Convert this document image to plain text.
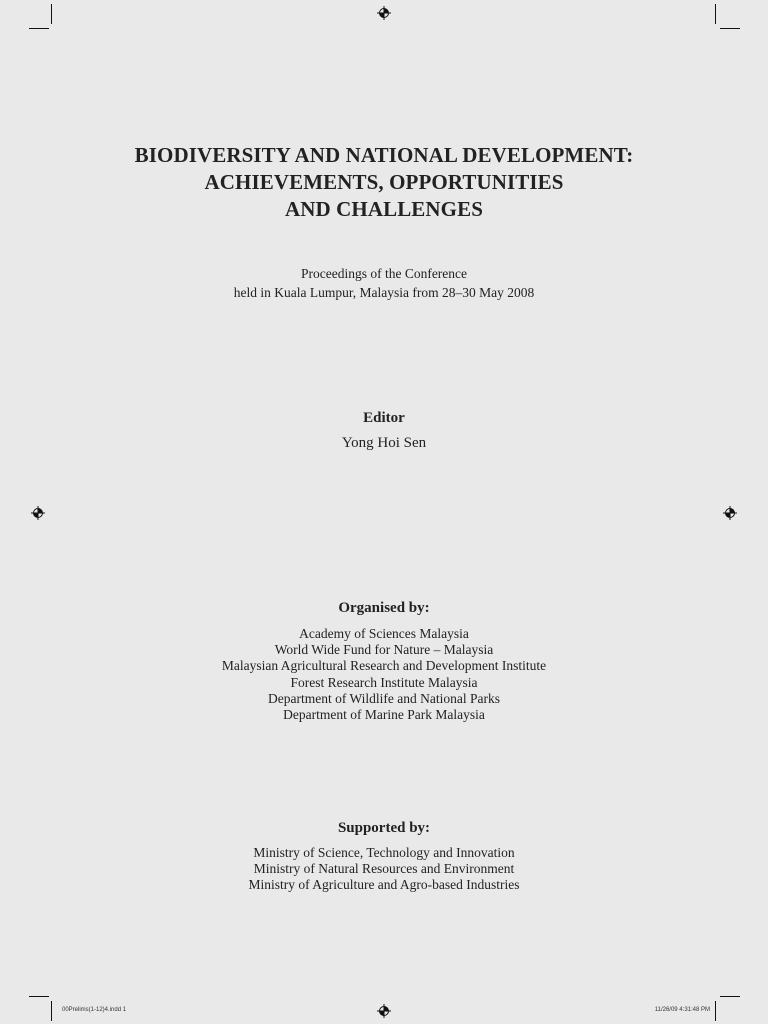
BIODIVERSITY AND NATIONAL DEVELOPMENT:
ACHIEVEMENTS, OPPORTUNITIES
AND CHALLENGES
Proceedings of the Conference
held in Kuala Lumpur, Malaysia from 28–30 May 2008
Editor
Yong Hoi Sen
Organised by:
Academy of Sciences Malaysia
World Wide Fund for Nature – Malaysia
Malaysian Agricultural Research and Development Institute
Forest Research Institute Malaysia
Department of Wildlife and National Parks
Department of Marine Park Malaysia
Supported by:
Ministry of Science, Technology and Innovation
Ministry of Natural Resources and Environment
Ministry of Agriculture and Agro-based Industries
00Prelims(1-12)4.indd 1	11/26/09 4:31:48 PM
